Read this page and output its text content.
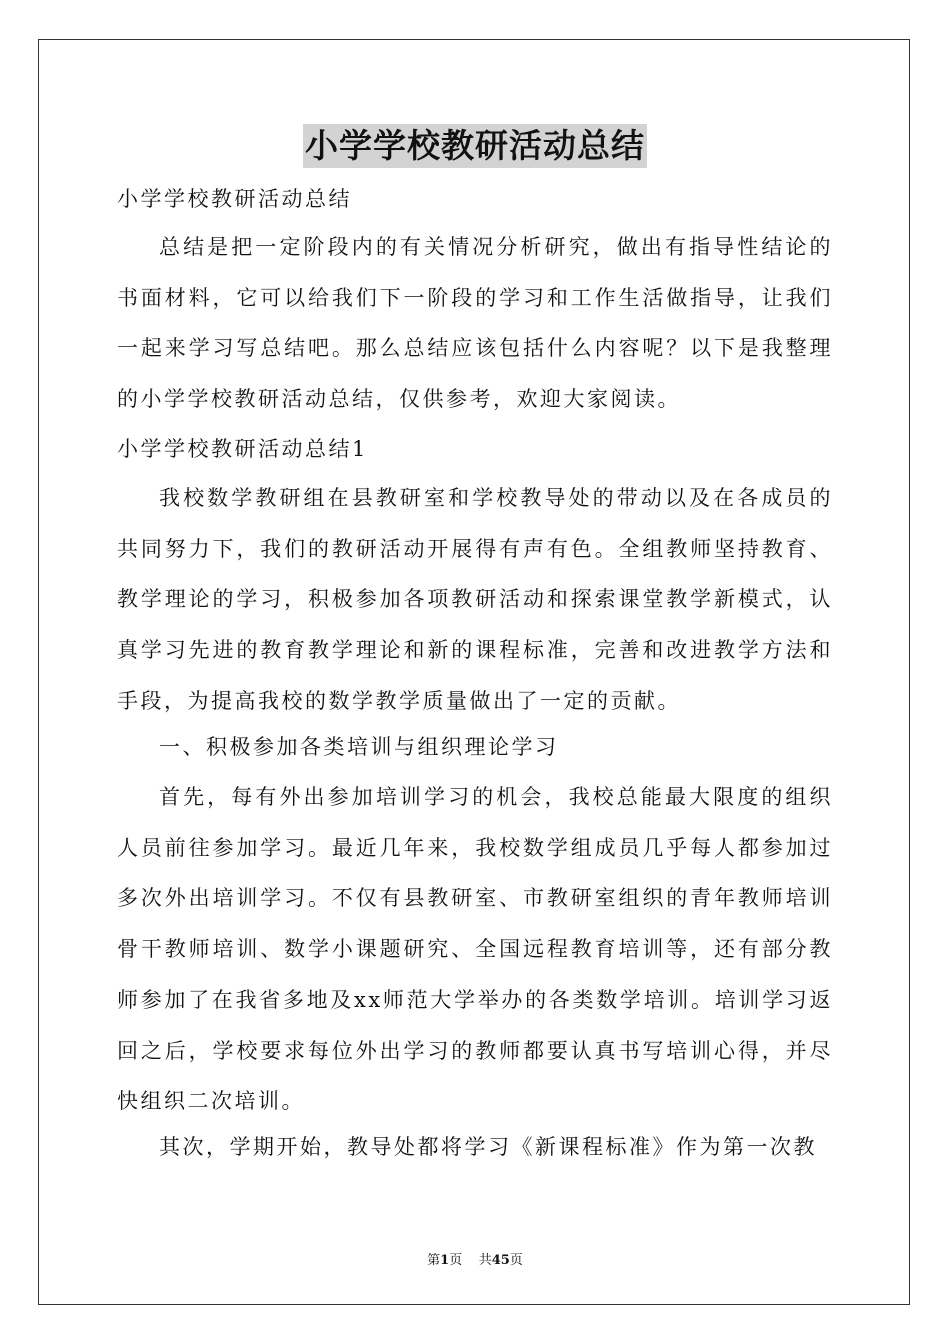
小学学校教研活动总结
小学学校教研活动总结
总结是把一定阶段内的有关情况分析研究，做出有指导性结论的书面材料，它可以给我们下一阶段的学习和工作生活做指导，让我们一起来学习写总结吧。那么总结应该包括什么内容呢？以下是我整理的小学学校教研活动总结，仅供参考，欢迎大家阅读。
小学学校教研活动总结1
我校数学教研组在县教研室和学校教导处的带动以及在各成员的共同努力下，我们的教研活动开展得有声有色。全组教师坚持教育、教学理论的学习，积极参加各项教研活动和探索课堂教学新模式，认真学习先进的教育教学理论和新的课程标准，完善和改进教学方法和手段，为提高我校的数学教学质量做出了一定的贡献。
一、积极参加各类培训与组织理论学习
首先，每有外出参加培训学习的机会，我校总能最大限度的组织人员前往参加学习。最近几年来，我校数学组成员几乎每人都参加过多次外出培训学习。不仅有县教研室、市教研室组织的青年教师培训骨干教师培训、数学小课题研究、全国远程教育培训等，还有部分教师参加了在我省多地及xx师范大学举办的各类数学培训。培训学习返回之后，学校要求每位外出学习的教师都要认真书写培训心得，并尽快组织二次培训。
其次，学期开始，教导处都将学习《新课程标准》作为第一次教
第1页    共45页
